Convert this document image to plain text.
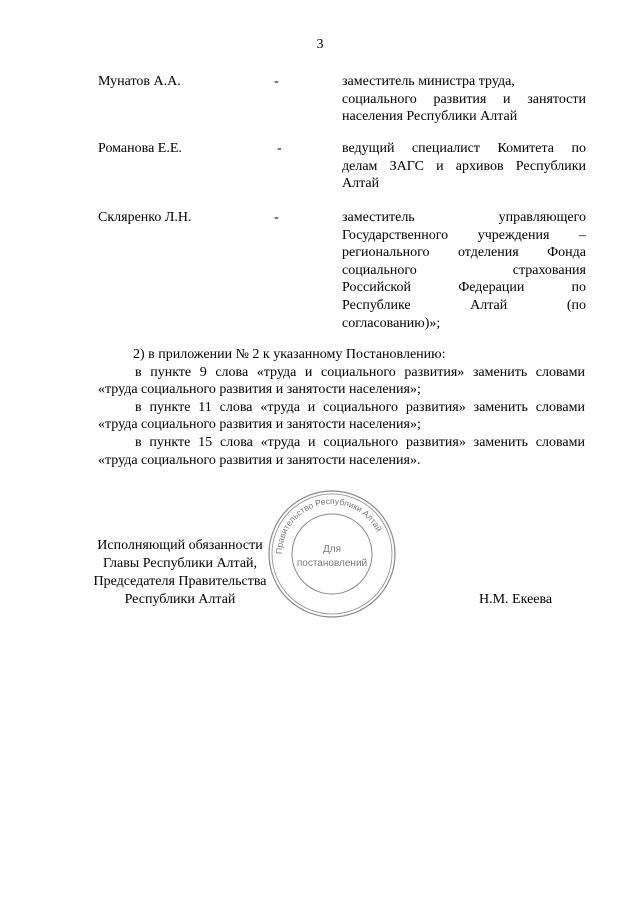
3
Мунатов А.А.	-	заместитель министра труда,
социального развития и занятости
населения Республики Алтай
Романова Е.Е.	-	ведущий специалист Комитета по
делам ЗАГС и архивов Республики
Алтай
Скляренко Л.Н.	-	заместитель управляющего
Государственного учреждения –
регионального отделения Фонда
социального страхования
Российской Федерации по
Республике Алтай (по
согласованию)»;

2) в приложении № 2 к указанному Постановлению:

в пункте 9 слова «труда и социального развития» заменить словами

«труда социального развития и занятости населения»;

в пункте 11 слова «труда и социального развития» заменить словами

«труда социального развития и занятости населения»;

в пункте 15 слова «труда и социального развития» заменить словами

«труда социального развития и занятости населения».

Правительство Республики Алтай
Для
постановлений
Исполняющий обязанности
Главы Республики Алтай,
Председателя Правительства
Республики Алтай	Н.М. Екеева
